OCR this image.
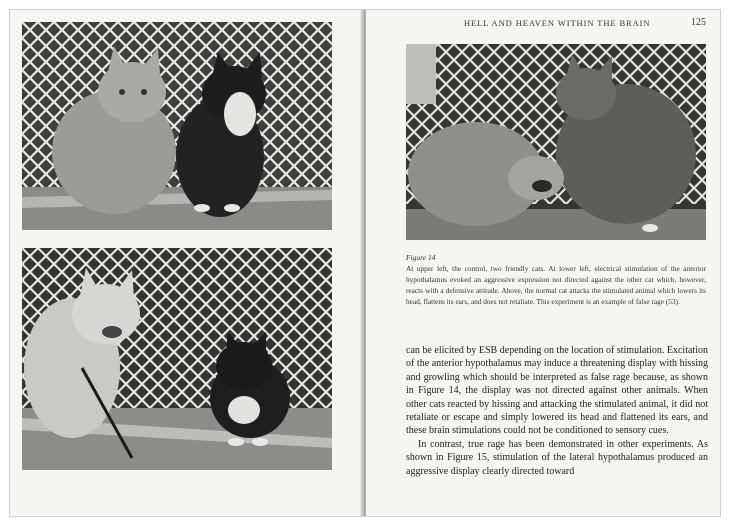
HELL AND HEAVEN WITHIN THE BRAIN	125
Figure 14
At upper left, the control, two friendly cats. At lower left, electrical stimulation of the anterior hypothalamus evoked an aggressive expression not directed against the other cat which, however, reacts with a defensive attitude. Above, the normal cat attacks the stimulated animal which lowers its head, flattens its ears, and does not retaliate. This experiment is an example of false rage (53).

can be elicited by ESB depending on the location of stimulation. Excitation of the anterior hypothalamus may induce a threatening display with hissing and growling which should be interpreted as false rage because, as shown in Figure 14, the display was not directed against other animals. When other cats reacted by hissing and attacking the stimulated animal, it did not retaliate or escape and simply lowered its head and flattened its ears, and these brain stimulations could not be conditioned to sensory cues.

In contrast, true rage has been demonstrated in other experiments. As shown in Figure 15, stimulation of the lateral hypothalamus produced an aggressive display clearly directed toward
